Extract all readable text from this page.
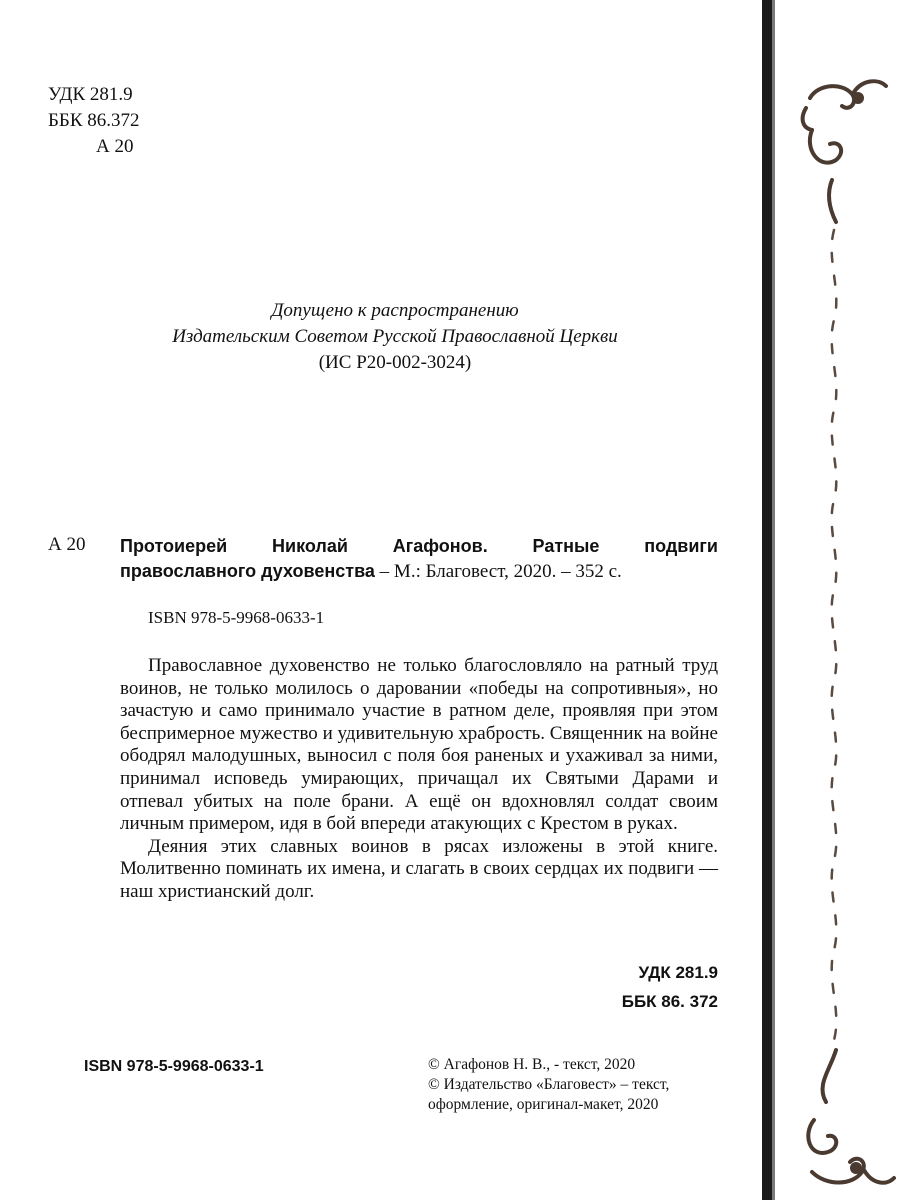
УДК 281.9
ББК 86.372
А 20
Допущено к распространению
Издательским Советом Русской Православной Церкви
(ИС Р20-002-3024)
А 20 Протоиерей Николай Агафонов. Ратные подвиги
православного духовенства – М.: Благовест, 2020. – 352 с.
ISBN 978-5-9968-0633-1

Православное духовенство не только благословляло на ратный труд воинов, не только молилось о даровании «победы на сопротивныя», но зачастую и само принимало участие в ратном деле, проявляя при этом беспримерное мужество и удивительную храбрость. Священник на войне ободрял малодушных, выносил с поля боя раненых и ухаживал за ними, принимал исповедь умирающих, причащал их Святыми Дарами и отпевал убитых на поле брани. А ещё он вдохновлял солдат своим личным примером, идя в бой впереди атакующих с Крестом в руках.

Деяния этих славных воинов в рясах изложены в этой книге. Молитвенно поминать их имена, и слагать в своих сердцах их подвиги — наш христианский долг.

УДК 281.9
ББК 86. 372
ISBN 978-5-9968-0633-1	© Агафонов Н. В., - текст, 2020
© Издательство «Благовест» – текст,
оформление, оригинал-макет, 2020
